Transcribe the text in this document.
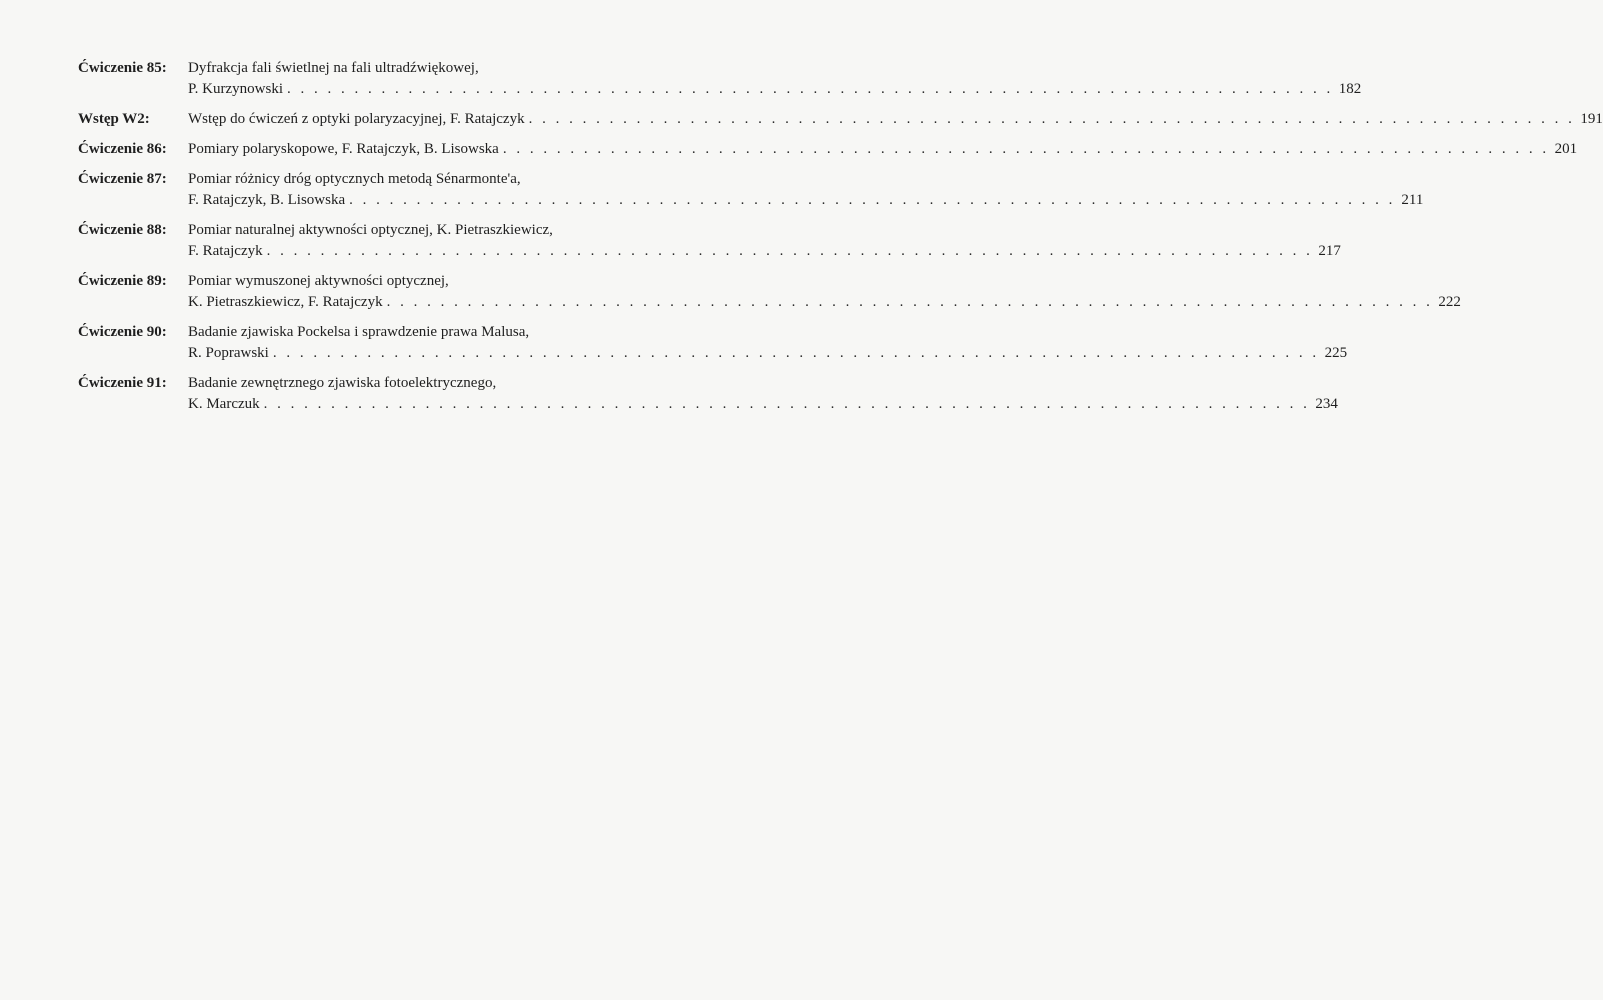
Ćwiczenie 85:	Dyfrakcja fali świetlnej na fali ultradźwiękowej,
P. Kurzynowski . . .	182
Wstęp W2:	Wstęp do ćwiczeń z optyki polaryzacyjnej, F. Ratajczyk . . .	191
Ćwiczenie 86:	Pomiary polaryskopowe, F. Ratajczyk, B. Lisowska . . .	201
Ćwiczenie 87:	Pomiar różnicy dróg optycznych metodą Sénarmonte'a,
F. Ratajczyk, B. Lisowska . . .	211
Ćwiczenie 88:	Pomiar naturalnej aktywności optycznej, K. Pietraszkiewicz,
F. Ratajczyk . . .	217
Ćwiczenie 89:	Pomiar wymuszonej aktywności optycznej,
K. Pietraszkiewicz, F. Ratajczyk . . .	222
Ćwiczenie 90:	Badanie zjawiska Pockelsa i sprawdzenie prawa Malusa,
R. Poprawski . . .	225
Ćwiczenie 91:	Badanie zewnętrznego zjawiska fotoelektrycznego,
K. Marczuk . . .	234
